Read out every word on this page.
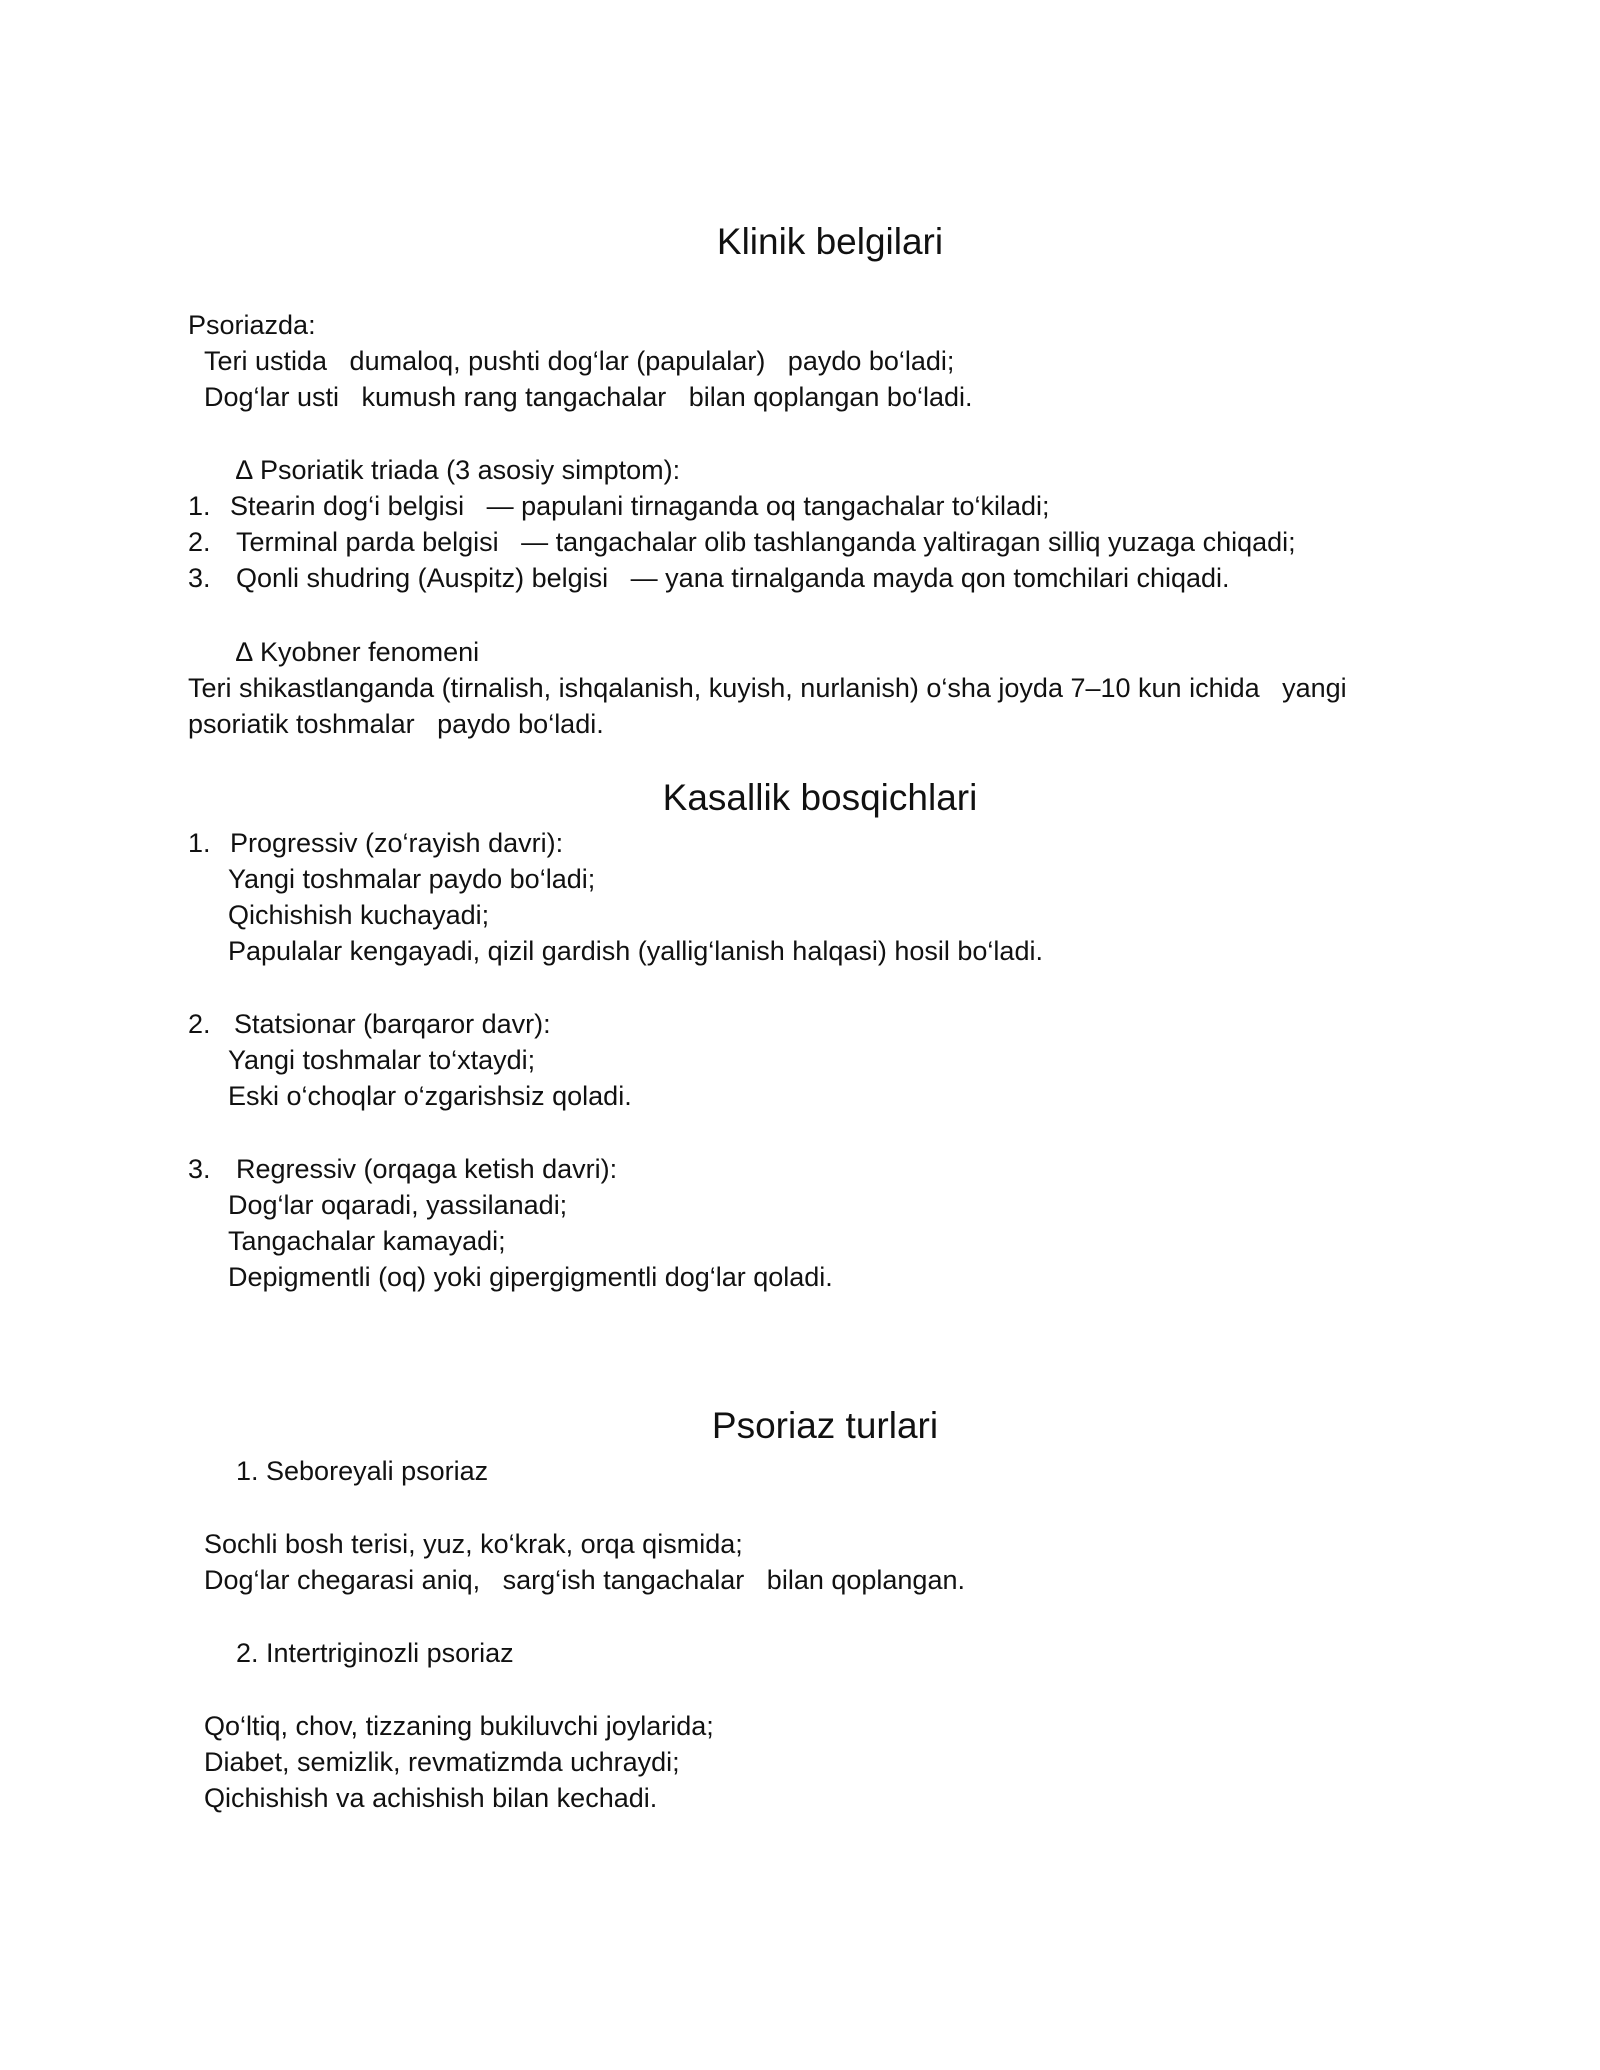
Klinik belgilari
Psoriazda:
Teri ustida   dumaloq, pushti dog‘lar (papulalar)   paydo bo‘ladi;
Dog‘lar usti   kumush rang tangachalar   bilan qoplangan bo‘ladi.
∆ Psoriatik triada (3 asosiy simptom):
1. Stearin dog‘i belgisi   — papulani tirnaganda oq tangachalar to‘kiladi;
2. Terminal parda belgisi   — tangachalar olib tashlanganda yaltiragan silliq yuzaga chiqadi;
3. Qonli shudring (Auspitz) belgisi   — yana tirnalganda mayda qon tomchilari chiqadi.
∆ Kyobner fenomeni
Teri shikastlanganda (tirnalish, ishqalanish, kuyish, nurlanish) o‘sha joyda 7–10 kun ichida   yangi
psoriatik toshmalar   paydo bo‘ladi.
Kasallik bosqichlari
1. Progressiv (zo‘rayish davri):
Yangi toshmalar paydo bo‘ladi;
Qichishish kuchayadi;
Papulalar kengayadi, qizil gardish (yallig‘lanish halqasi) hosil bo‘ladi.
2. Statsionar (barqaror davr):
Yangi toshmalar to‘xtaydi;
Eski o‘choqlar o‘zgarishsiz qoladi.
3. Regressiv (orqaga ketish davri):
Dog‘lar oqaradi, yassilanadi;
Tangachalar kamayadi;
Depigmentli (oq) yoki gipergigmentli dog‘lar qoladi.
Psoriaz turlari
1. Seboreyali psoriaz
Sochli bosh terisi, yuz, ko‘krak, orqa qismida;
Dog‘lar chegarasi aniq,   sarg‘ish tangachalar   bilan qoplangan.
2. Intertriginozli psoriaz
Qo‘ltiq, chov, tizzaning bukiluvchi joylarida;
Diabet, semizlik, revmatizmda uchraydi;
Qichishish va achishish bilan kechadi.
